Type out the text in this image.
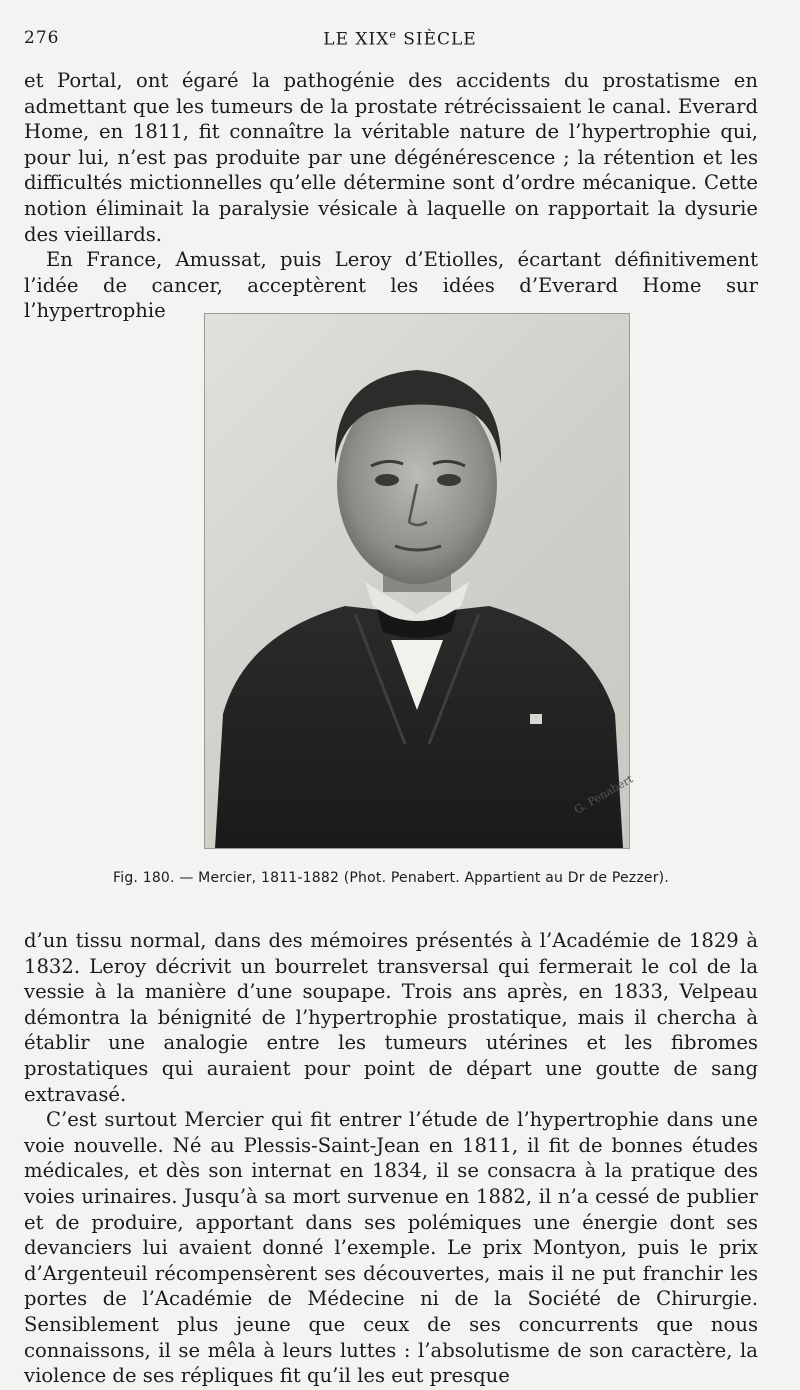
276	LE XIXe SIÈCLE

et Portal, ont égaré la pathogénie des accidents du prostatisme en admettant que les tumeurs de la prostate rétrécissaient le canal. Everard Home, en 1811, fit connaître la véritable nature de l’hypertrophie qui, pour lui, n’est pas produite par une dégénérescence ; la rétention et les difficultés mictionnelles qu’elle détermine sont d’ordre mécanique. Cette notion éliminait la paralysie vésicale à laquelle on rapportait la dysurie des vieillards.

En France, Amussat, puis Leroy d’Etiolles, écartant définitivement l’idée de cancer, acceptèrent les idées d’Everard Home sur l’hypertrophie

G. Penabert
Fig. 180. — Mercier, 1811-1882 (Phot. Penabert. Appartient au Dr de Pezzer).

d’un tissu normal, dans des mémoires présentés à l’Académie de 1829 à 1832. Leroy décrivit un bourrelet transversal qui fermerait le col de la vessie à la manière d’une soupape. Trois ans après, en 1833, Velpeau démontra la bénignité de l’hypertrophie prostatique, mais il chercha à établir une analogie entre les tumeurs utérines et les fibromes prostatiques qui auraient pour point de départ une goutte de sang extravasé.

C’est surtout Mercier qui fit entrer l’étude de l’hypertrophie dans une voie nouvelle. Né au Plessis-Saint-Jean en 1811, il fit de bonnes études médicales, et dès son internat en 1834, il se consacra à la pratique des voies urinaires. Jusqu’à sa mort survenue en 1882, il n’a cessé de publier et de produire, apportant dans ses polémiques une énergie dont ses devanciers lui avaient donné l’exemple. Le prix Montyon, puis le prix d’Argenteuil récompensèrent ses découvertes, mais il ne put franchir les portes de l’Académie de Médecine ni de la Société de Chirurgie. Sensiblement plus jeune que ceux de ses concurrents que nous connaissons, il se mêla à leurs luttes : l’absolutisme de son caractère, la violence de ses répliques fit qu’il les eut presque
